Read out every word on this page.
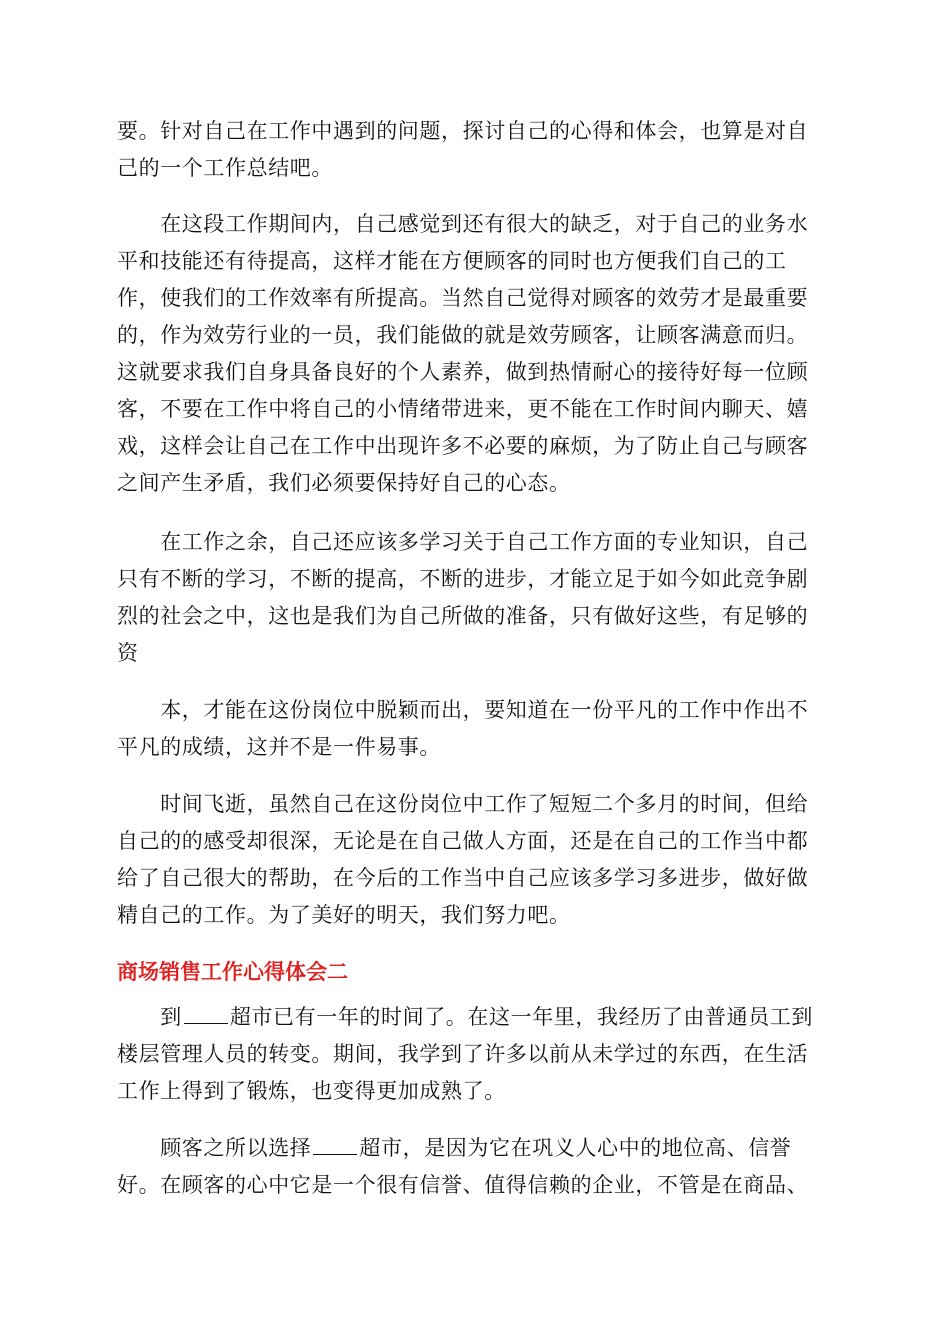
要。针对自己在工作中遇到的问题，探讨自己的心得和体会，也算是对自
己的一个工作总结吧。
　　在这段工作期间内，自己感觉到还有很大的缺乏，对于自己的业务水
平和技能还有待提高，这样才能在方便顾客的同时也方便我们自己的工
作，使我们的工作效率有所提高。当然自己觉得对顾客的效劳才是最重要
的，作为效劳行业的一员，我们能做的就是效劳顾客，让顾客满意而归。
这就要求我们自身具备良好的个人素养，做到热情耐心的接待好每一位顾
客，不要在工作中将自己的小情绪带进来，更不能在工作时间内聊天、嬉
戏，这样会让自己在工作中出现许多不必要的麻烦，为了防止自己与顾客
之间产生矛盾，我们必须要保持好自己的心态。
　　在工作之余，自己还应该多学习关于自己工作方面的专业知识，自己
只有不断的学习，不断的提高，不断的进步，才能立足于如今如此竞争剧
烈的社会之中，这也是我们为自己所做的准备，只有做好这些，有足够的
资
　　本，才能在这份岗位中脱颖而出，要知道在一份平凡的工作中作出不
平凡的成绩，这并不是一件易事。
　　时间飞逝，虽然自己在这份岗位中工作了短短二个多月的时间，但给
自己的的感受却很深，无论是在自己做人方面，还是在自己的工作当中都
给了自己很大的帮助，在今后的工作当中自己应该多学习多进步，做好做
精自己的工作。为了美好的明天，我们努力吧。
商场销售工作心得体会二
　　到 超市已有一年的时间了。在这一年里，我经历了由普通员工到
楼层管理人员的转变。期间，我学到了许多以前从未学过的东西，在生活
工作上得到了锻炼，也变得更加成熟了。
　　顾客之所以选择 超市，是因为它在巩义人心中的地位高、信誉
好。在顾客的心中它是一个很有信誉、值得信赖的企业，不管是在商品、
